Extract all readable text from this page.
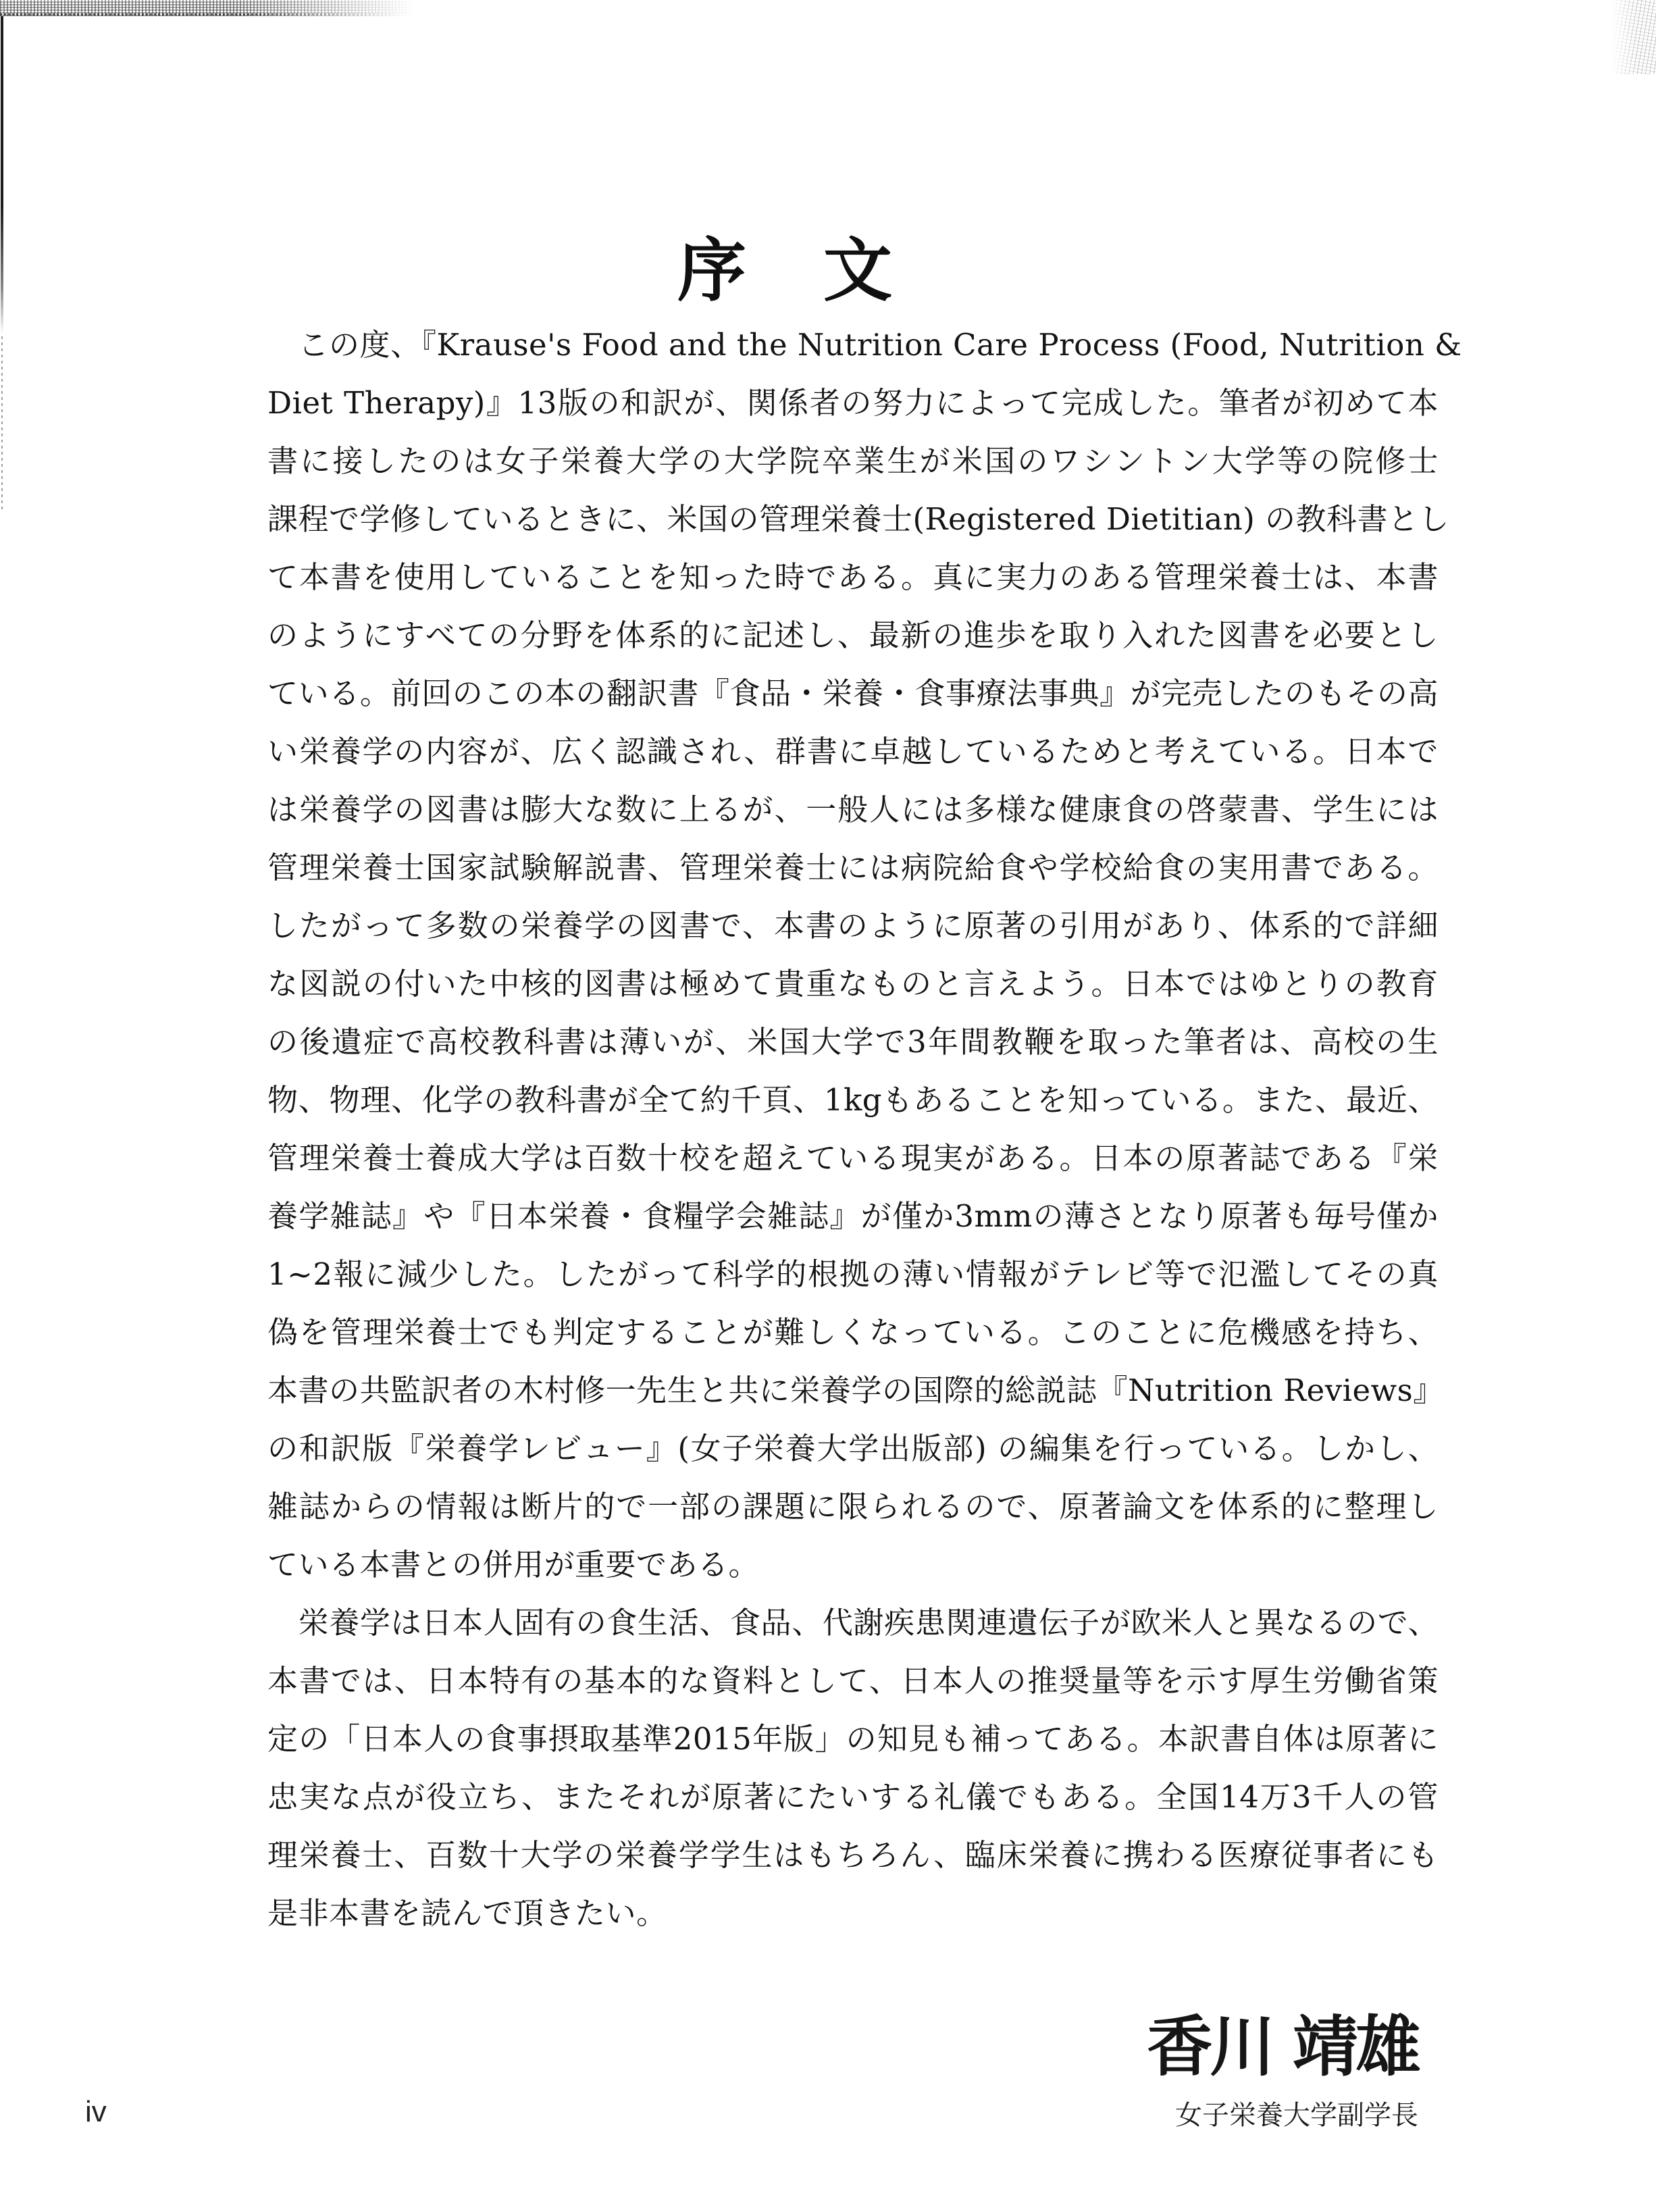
序　文
　この度、『Krause's Food and the Nutrition Care Process (Food, Nutrition &
Diet Therapy)』13版の和訳が、関係者の努力によって完成した。筆者が初めて本
書に接したのは女子栄養大学の大学院卒業生が米国のワシントン大学等の院修士
課程で学修しているときに、米国の管理栄養士(Registered Dietitian) の教科書とし
て本書を使用していることを知った時である。真に実力のある管理栄養士は、本書
のようにすべての分野を体系的に記述し、最新の進歩を取り入れた図書を必要とし
ている。前回のこの本の翻訳書『食品・栄養・食事療法事典』が完売したのもその高
い栄養学の内容が、広く認識され、群書に卓越しているためと考えている。日本で
は栄養学の図書は膨大な数に上るが、一般人には多様な健康食の啓蒙書、学生には
管理栄養士国家試験解説書、管理栄養士には病院給食や学校給食の実用書である。
したがって多数の栄養学の図書で、本書のように原著の引用があり、体系的で詳細
な図説の付いた中核的図書は極めて貴重なものと言えよう。日本ではゆとりの教育
の後遺症で高校教科書は薄いが、米国大学で3年間教鞭を取った筆者は、高校の生
物、物理、化学の教科書が全て約千頁、1kgもあることを知っている。また、最近、
管理栄養士養成大学は百数十校を超えている現実がある。日本の原著誌である『栄
養学雑誌』や『日本栄養・食糧学会雑誌』が僅か3mmの薄さとなり原著も毎号僅か
1~2報に減少した。したがって科学的根拠の薄い情報がテレビ等で氾濫してその真
偽を管理栄養士でも判定することが難しくなっている。このことに危機感を持ち、
本書の共監訳者の木村修一先生と共に栄養学の国際的総説誌『Nutrition Reviews』
の和訳版『栄養学レビュー』(女子栄養大学出版部) の編集を行っている。しかし、
雑誌からの情報は断片的で一部の課題に限られるので、原著論文を体系的に整理し
ている本書との併用が重要である。
　栄養学は日本人固有の食生活、食品、代謝疾患関連遺伝子が欧米人と異なるので、
本書では、日本特有の基本的な資料として、日本人の推奨量等を示す厚生労働省策
定の「日本人の食事摂取基準2015年版」の知見も補ってある。本訳書自体は原著に
忠実な点が役立ち、またそれが原著にたいする礼儀でもある。全国14万3千人の管
理栄養士、百数十大学の栄養学学生はもちろん、臨床栄養に携わる医療従事者にも
是非本書を読んで頂きたい。
香川 靖雄
女子栄養大学副学長
iv
